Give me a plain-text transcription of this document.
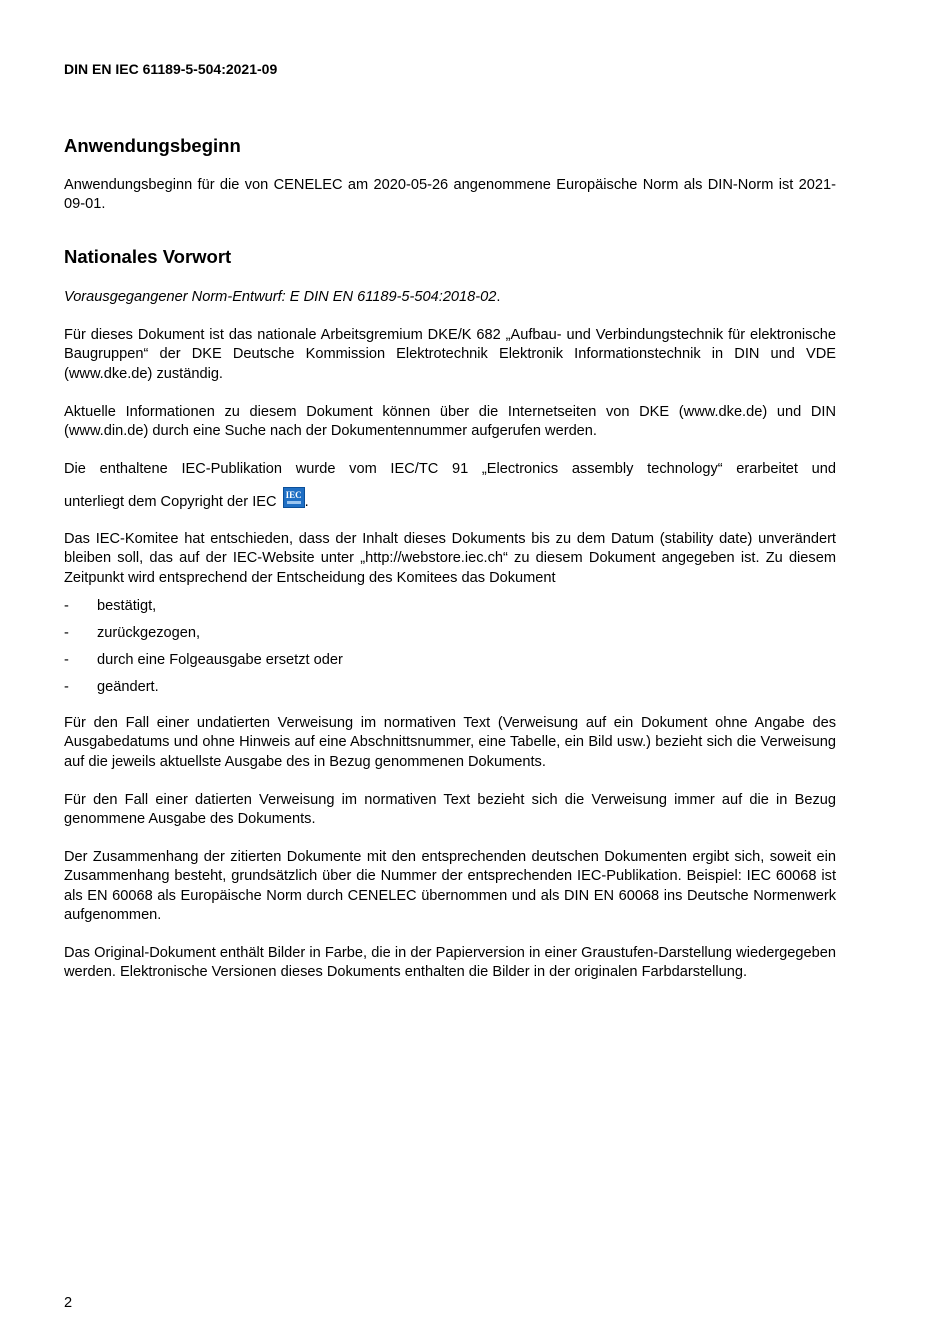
DIN EN IEC 61189-5-504:2021-09
Anwendungsbeginn

Anwendungsbeginn für die von CENELEC am 2020-05-26 angenommene Europäische Norm als DIN-Norm ist 2021-09-01.

Nationales Vorwort

Vorausgegangener Norm-Entwurf: E DIN EN 61189-5-504:2018-02.

Für dieses Dokument ist das nationale Arbeitsgremium DKE/K 682 „Aufbau- und Verbindungstechnik für elektronische Baugruppen“ der DKE Deutsche Kommission Elektrotechnik Elektronik Informationstechnik in DIN und VDE (www.dke.de) zuständig.

Aktuelle Informationen zu diesem Dokument können über die Internetseiten von DKE (www.dke.de) und DIN (www.din.de) durch eine Suche nach der Dokumentennummer aufgerufen werden.

Die enthaltene IEC-Publikation wurde vom IEC/TC 91 „Electronics assembly technology“ erarbeitet und

unterliegt dem Copyright der IEC IEC .

Das IEC-Komitee hat entschieden, dass der Inhalt dieses Dokuments bis zu dem Datum (stability date) unverändert bleiben soll, das auf der IEC-Website unter „http://webstore.iec.ch“ zu diesem Dokument angegeben ist. Zu diesem Zeitpunkt wird entsprechend der Entscheidung des Komitees das Dokument

- bestätigt,
- zurückgezogen,
- durch eine Folgeausgabe ersetzt oder
- geändert.

Für den Fall einer undatierten Verweisung im normativen Text (Verweisung auf ein Dokument ohne Angabe des Ausgabedatums und ohne Hinweis auf eine Abschnittsnummer, eine Tabelle, ein Bild usw.) bezieht sich die Verweisung auf die jeweils aktuellste Ausgabe des in Bezug genommenen Dokuments.

Für den Fall einer datierten Verweisung im normativen Text bezieht sich die Verweisung immer auf die in Bezug genommene Ausgabe des Dokuments.

Der Zusammenhang der zitierten Dokumente mit den entsprechenden deutschen Dokumenten ergibt sich, soweit ein Zusammenhang besteht, grundsätzlich über die Nummer der entsprechenden IEC-Publikation. Beispiel: IEC 60068 ist als EN 60068 als Europäische Norm durch CENELEC übernommen und als DIN EN 60068 ins Deutsche Normenwerk aufgenommen.

Das Original-Dokument enthält Bilder in Farbe, die in der Papierversion in einer Graustufen-Darstellung wiedergegeben werden. Elektronische Versionen dieses Dokuments enthalten die Bilder in der originalen Farbdarstellung.

2
